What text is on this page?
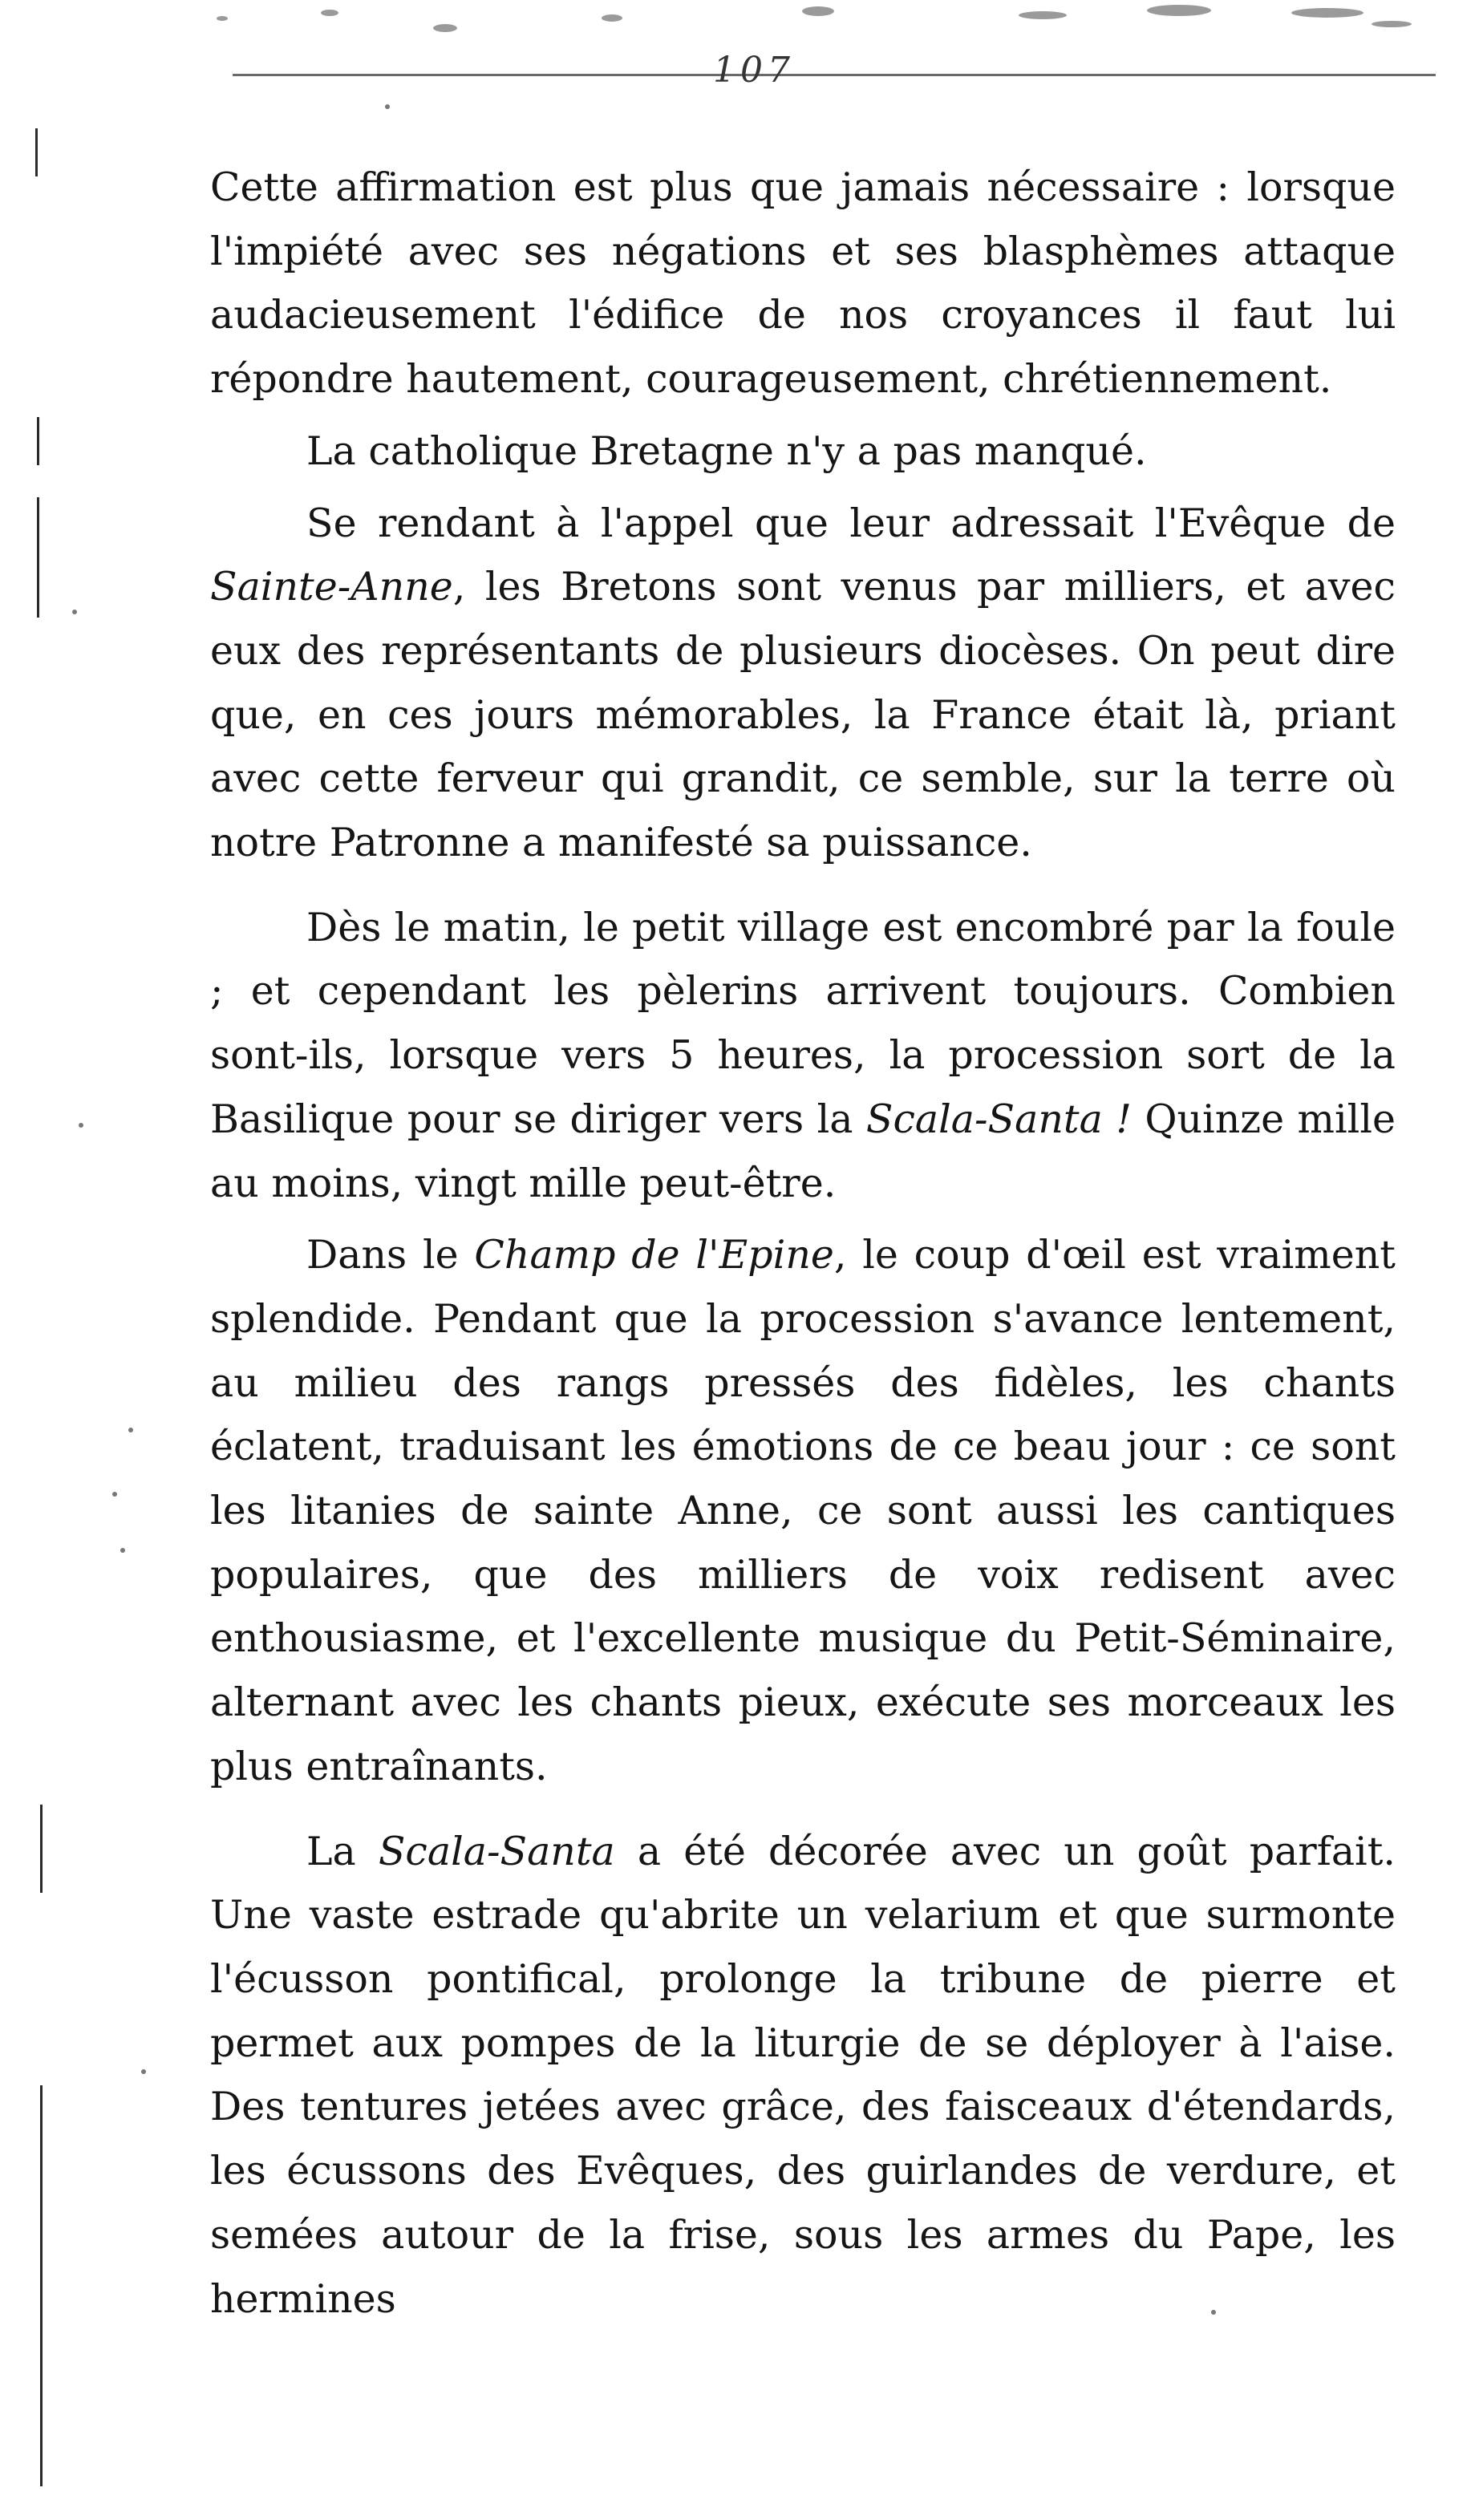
107

Cette affirmation est plus que jamais nécessaire : lorsque l'impiété avec ses négations et ses blasphèmes attaque audacieusement l'édifice de nos croyances il faut lui répondre hautement, courageusement, chrétiennement.

La catholique Bretagne n'y a pas manqué.

Se rendant à l'appel que leur adressait l'Evêque de Sainte-Anne, les Bretons sont venus par milliers, et avec eux des représentants de plusieurs diocèses. On peut dire que, en ces jours mémorables, la France était là, priant avec cette ferveur qui grandit, ce semble, sur la terre où notre Patronne a manifesté sa puissance.

Dès le matin, le petit village est encombré par la foule ; et cependant les pèlerins arrivent toujours. Combien sont-ils, lorsque vers 5 heures, la procession sort de la Basilique pour se diriger vers la Scala-Santa ! Quinze mille au moins, vingt mille peut-être.

Dans le Champ de l'Epine, le coup d'œil est vraiment splendide. Pendant que la procession s'avance lentement, au milieu des rangs pressés des fidèles, les chants éclatent, traduisant les émotions de ce beau jour : ce sont les litanies de sainte Anne, ce sont aussi les cantiques populaires, que des milliers de voix redisent avec enthousiasme, et l'excellente musique du Petit-Séminaire, alternant avec les chants pieux, exécute ses morceaux les plus entraînants.

La Scala-Santa a été décorée avec un goût parfait. Une vaste estrade qu'abrite un velarium et que surmonte l'écusson pontifical, prolonge la tribune de pierre et permet aux pompes de la liturgie de se déployer à l'aise. Des tentures jetées avec grâce, des faisceaux d'étendards, les écussons des Evêques, des guirlandes de verdure, et semées autour de la frise, sous les armes du Pape, les hermines
